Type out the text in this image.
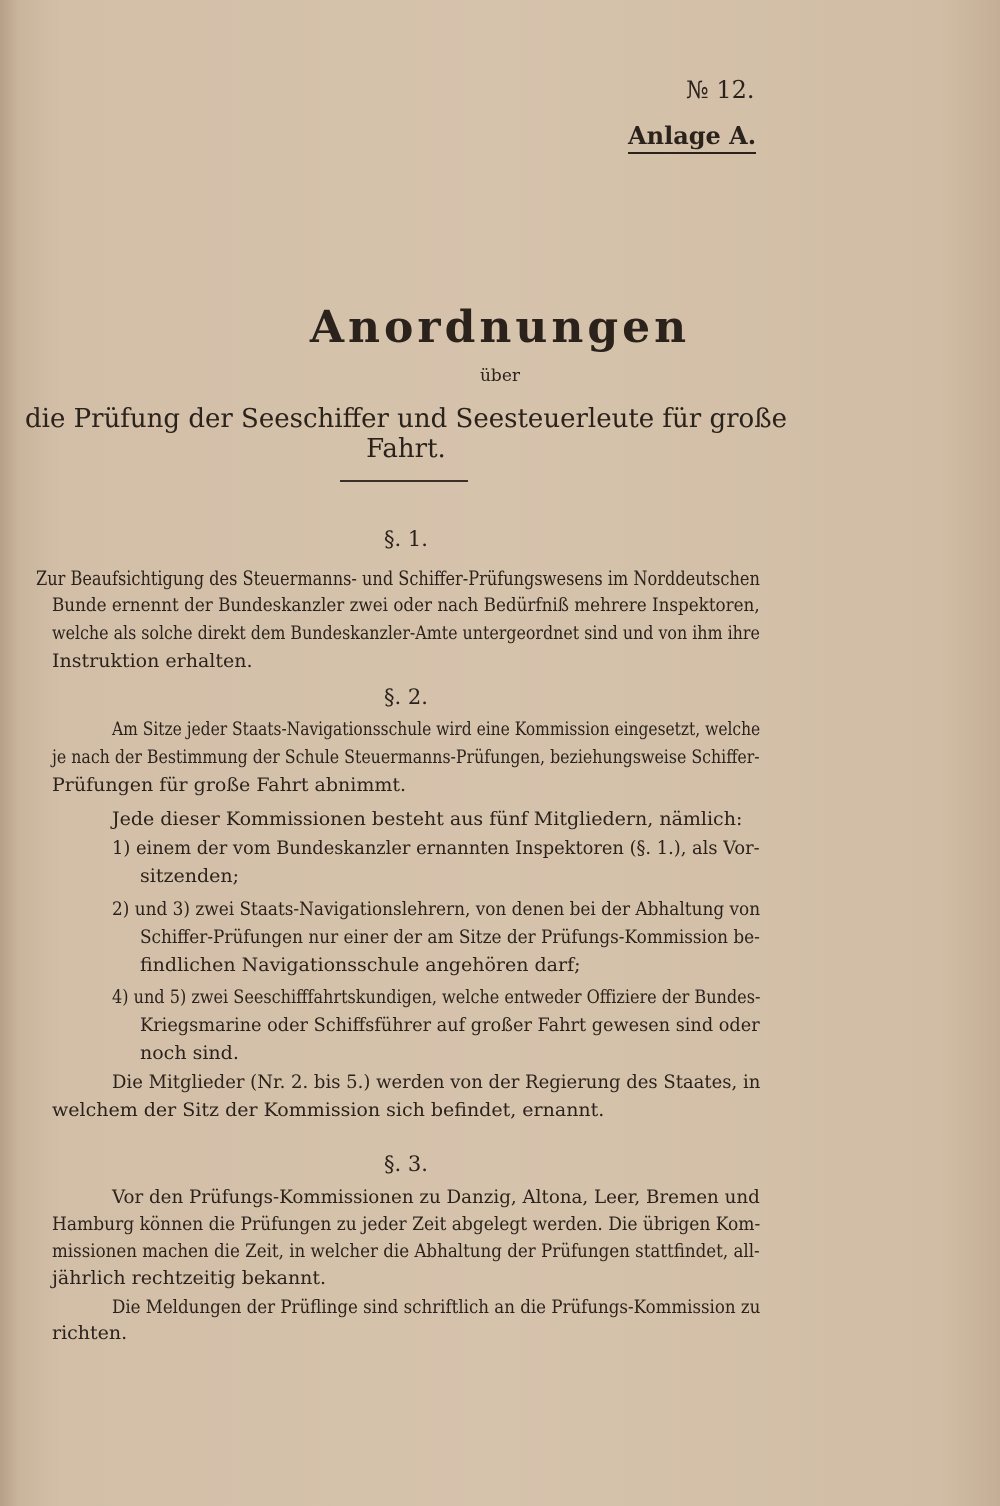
№ 12.
Anlage A.
Anordnungen
über
die Prüfung der Seeschiffer und Seesteuerleute für große Fahrt.
§. 1.
Zur Beaufsichtigung des Steuermanns- und Schiffer-Prüfungswesens im Norddeutschen
Bunde ernennt der Bundeskanzler zwei oder nach Bedürfniß mehrere Inspektoren,
welche als solche direkt dem Bundeskanzler-Amte untergeordnet sind und von ihm ihre
Instruktion erhalten.
§. 2.
Am Sitze jeder Staats-Navigationsschule wird eine Kommission eingesetzt, welche
je nach der Bestimmung der Schule Steuermanns-Prüfungen, beziehungsweise Schiffer-
Prüfungen für große Fahrt abnimmt.
Jede dieser Kommissionen besteht aus fünf Mitgliedern, nämlich:
1) einem der vom Bundeskanzler ernannten Inspektoren (§. 1.), als Vor-
sitzenden;
2) und 3) zwei Staats-Navigationslehrern, von denen bei der Abhaltung von
Schiffer-Prüfungen nur einer der am Sitze der Prüfungs-Kommission be-
findlichen Navigationsschule angehören darf;
4) und 5) zwei Seeschifffahrtskundigen, welche entweder Offiziere der Bundes-
Kriegsmarine oder Schiffsführer auf großer Fahrt gewesen sind oder
noch sind.
Die Mitglieder (Nr. 2. bis 5.) werden von der Regierung des Staates, in
welchem der Sitz der Kommission sich befindet, ernannt.
§. 3.
Vor den Prüfungs-Kommissionen zu Danzig, Altona, Leer, Bremen und
Hamburg können die Prüfungen zu jeder Zeit abgelegt werden. Die übrigen Kom-
missionen machen die Zeit, in welcher die Abhaltung der Prüfungen stattfindet, all-
jährlich rechtzeitig bekannt.
Die Meldungen der Prüflinge sind schriftlich an die Prüfungs-Kommission zu
richten.
